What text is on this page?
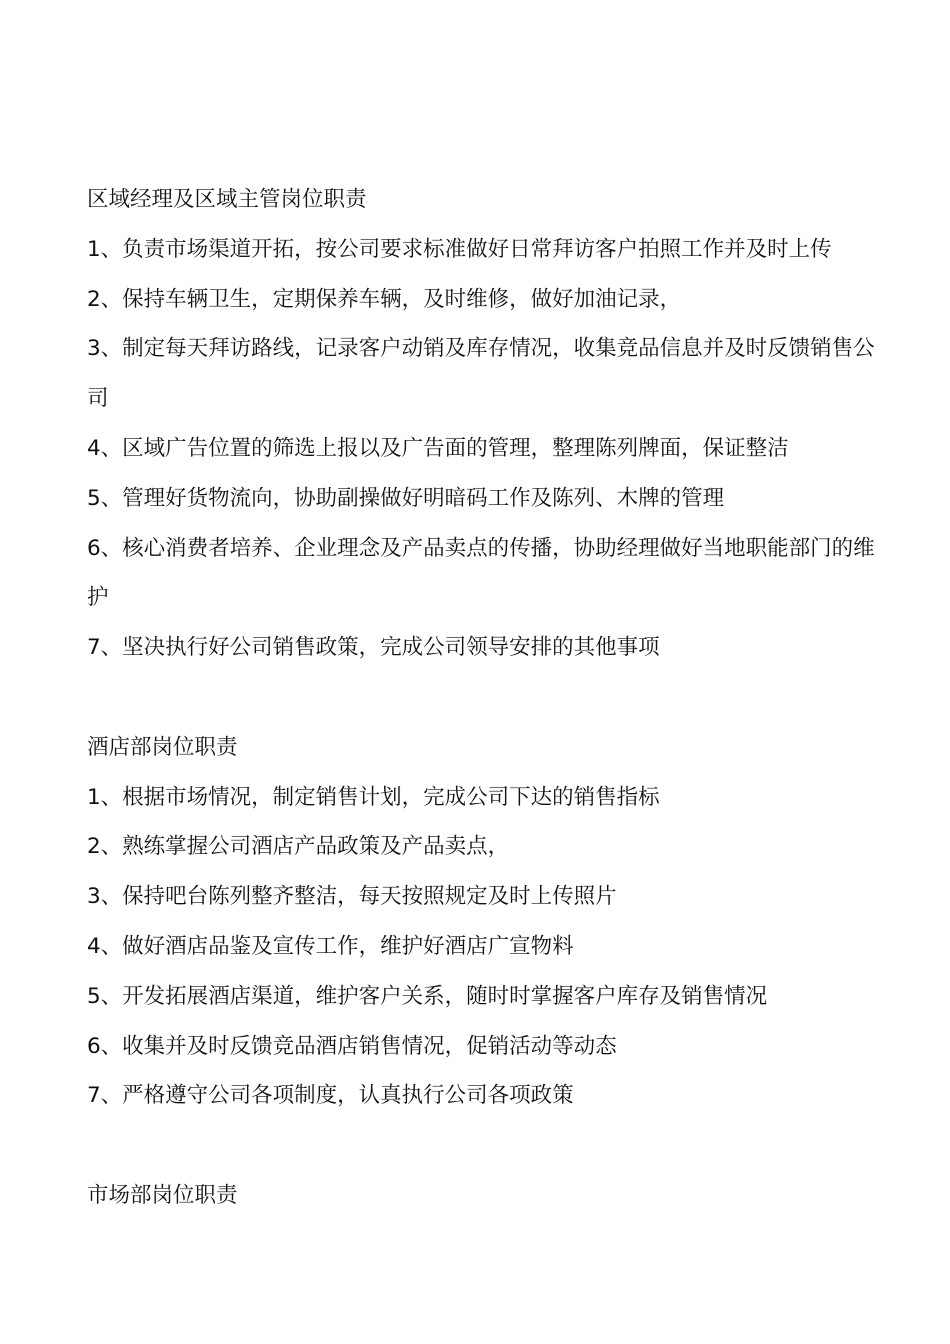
区域经理及区域主管岗位职责

1、负责市场渠道开拓，按公司要求标准做好日常拜访客户拍照工作并及时上传

2、保持车辆卫生，定期保养车辆，及时维修，做好加油记录，

3、制定每天拜访路线，记录客户动销及库存情况，收集竞品信息并及时反馈销售公司

4、区域广告位置的筛选上报以及广告面的管理，整理陈列牌面，保证整洁

5、管理好货物流向，协助副操做好明暗码工作及陈列、木牌的管理

6、核心消费者培养、企业理念及产品卖点的传播，协助经理做好当地职能部门的维护

7、坚决执行好公司销售政策，完成公司领导安排的其他事项

酒店部岗位职责

1、根据市场情况，制定销售计划，完成公司下达的销售指标

2、熟练掌握公司酒店产品政策及产品卖点，

3、保持吧台陈列整齐整洁，每天按照规定及时上传照片

4、做好酒店品鉴及宣传工作，维护好酒店广宣物料

5、开发拓展酒店渠道，维护客户关系，随时时掌握客户库存及销售情况

6、收集并及时反馈竞品酒店销售情况，促销活动等动态

7、严格遵守公司各项制度，认真执行公司各项政策

市场部岗位职责
